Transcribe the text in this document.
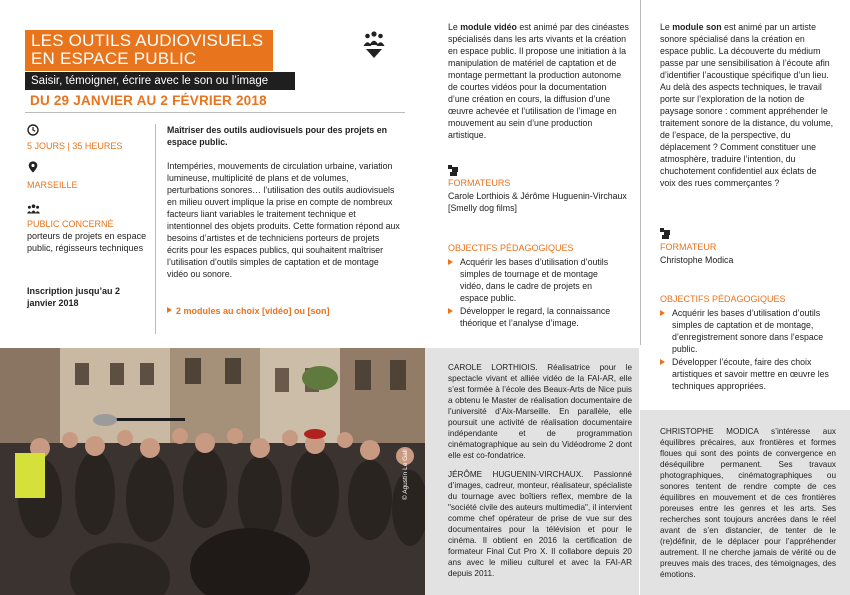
LES OUTILS AUDIOVISUELS
EN ESPACE PUBLIC
Saisir, témoigner, écrire avec le son ou l’image
DU 29 JANVIER AU 2 FÉVRIER 2018
5 JOURS | 35 HEURES
MARSEILLE
PUBLIC CONCERNÉ
porteurs de projets en espace public, régisseurs techniques
Inscription jusqu’au 2 janvier 2018
Maîtriser des outils audiovisuels pour des projets en espace public.
Intempéries, mouvements de circulation urbaine, variation lumineuse, multiplicité de plans et de volumes, perturbations sonores… l’utilisation des outils audiovisuels en milieu ouvert implique la prise en compte de nombreux facteurs liant variables le traitement technique et intentionnel des objets produits. Cette formation répond aux besoins d’artistes et de techniciens porteurs de projets écrits pour les espaces publics, qui souhaitent maîtriser l’utilisation d’outils simples de captation et de montage vidéo ou sonore.
2 modules au choix [vidéo] ou [son]
Le module vidéo est animé par des cinéastes spécialisés dans les arts vivants et la création en espace public. Il propose une initiation à la manipulation de matériel de captation et de montage permettant la production autonome de courtes vidéos pour la documentation d’une création en cours, la diffusion d’une œuvre achevée et l’utilisation de l’image en mouvement au sein d’une production artistique.
FORMATEURS
Carole Lorthiois & Jérôme Huguenin-Virchaux [Smelly dog films]
OBJECTIFS PÉDAGOGIQUES
Acquérir les bases d’utilisation d’outils simples de tournage et de montage vidéo, dans le cadre de projets en espace public.
Développer le regard, la connaissance théorique et l’analyse d’image.
Le module son est animé par un artiste sonore spécialisé dans la création en espace public. La découverte du médium passe par une sensibilisation à l’écoute afin d’identifier l’acoustique spécifique d’un lieu. Au delà des aspects techniques, le travail porte sur l’exploration de la notion de paysage sonore : comment appréhender le traitement sonore de la distance, du volume, de l’espace, de la perspective, du déplacement ? Comment constituer une atmosphère, traduire l’intention, du chuchotement confidentiel aux éclats de voix des rues commerçantes ?
FORMATEUR
Christophe Modica
OBJECTIFS PÉDAGOGIQUES
Acquérir les bases d’utilisation d’outils simples de captation et de montage, d’enregistrement sonore dans l’espace public.
Développer l’écoute, faire des choix artistiques et savoir mettre en œuvre les techniques appropriées.
CAROLE LORTHIOIS. Réalisatrice pour le spectacle vivant et alliée vidéo de la FAI-AR, elle s’est formée à l’école des Beaux-Arts de Nice puis a obtenu le Master de réalisation documentaire de l’université d’Aix-Marseille. En parallèle, elle poursuit une activité de réalisation documentaire indépendante et de programmation cinématographique au sein du Vidéodrome 2 dont elle est co-fondatrice.
JÉRÔME HUGUENIN-VIRCHAUX. Passionné d’images, cadreur, monteur, réalisateur, spécialiste du tournage avec boîtiers reflex, membre de la "société civile des auteurs multimedia", il intervient comme chef opérateur de prise de vue sur des documentaires pour la télévision et pour le cinéma. Il obtient en 2016 la certification de formateur Final Cut Pro X. Il collabore depuis 20 ans avec le milieu culturel et avec la FAI-AR depuis 2011.
CHRISTOPHE MODICA s’intéresse aux équilibres précaires, aux frontières et formes floues qui sont des points de convergence en déséquilibre permanent. Ses travaux photographiques, cinématographiques ou sonores tentent de rendre compte de ces équilibres en mouvement et de ces frontières poreuses entre les genres et les arts. Ses recherches sont toujours ancrées dans le réel avant de s’en distancier, de tenter de le (re)définir, de le déplacer pour l’appréhender autrement. Il ne cherche jamais de vérité ou de preuves mais des traces, des témoignages, des émotions.
© Agustín Le Gall
